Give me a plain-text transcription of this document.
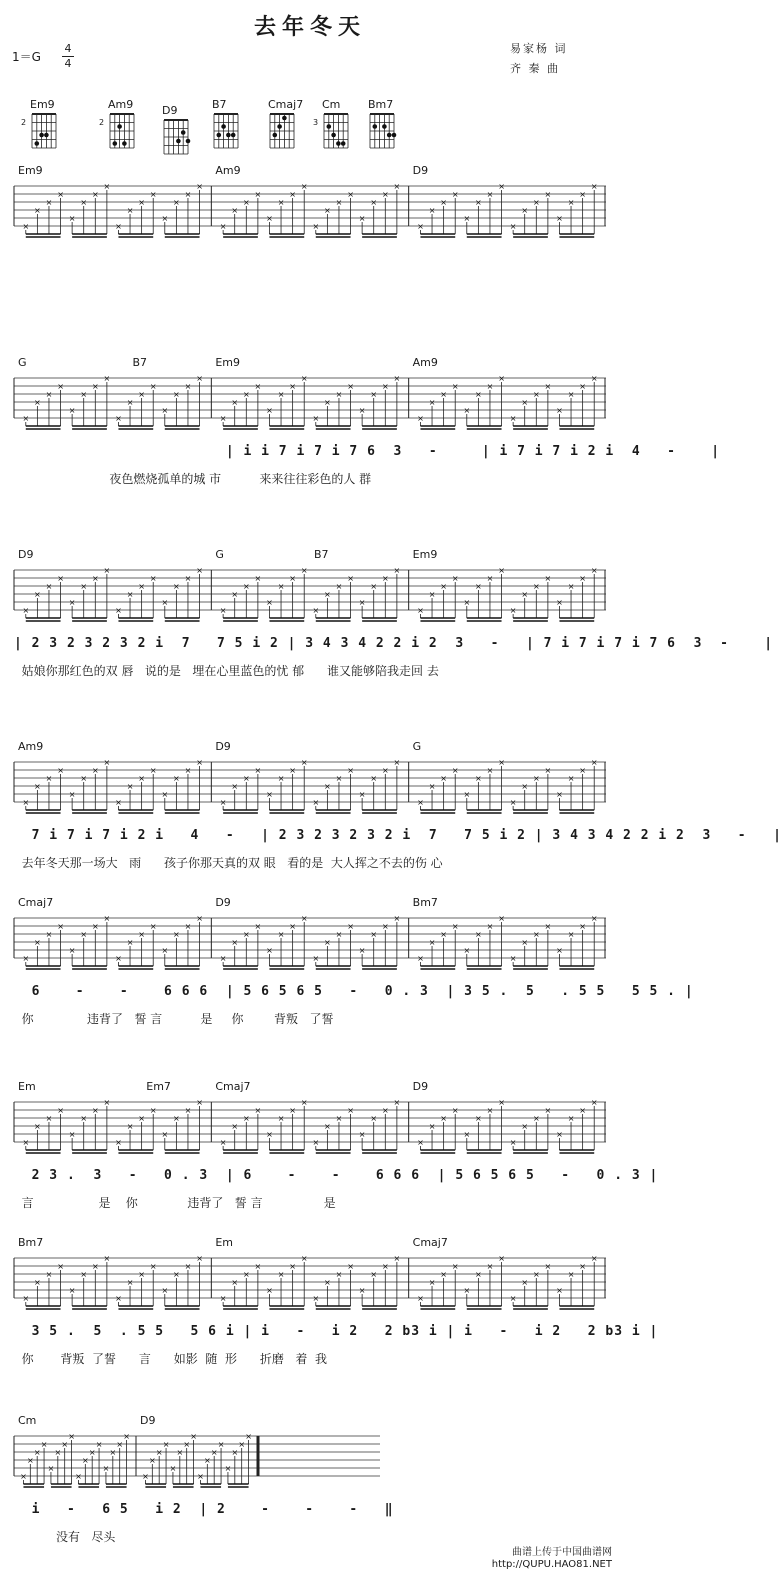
去年冬天
1＝G
4
4
易家杨 词
齐 秦 曲
Em9
2
Am9
2
D9	B7	Cmaj7 Cm
3
Bm7
Em9	Am9	D9
×
×
×
×
×
×
×
×
×
×
×
×
×
×
×
×
×
×
×
×
×
×
×
×
×
×
×
×
×
×
×
×
×
×
×
×
×
×
×
×
×
×
×
×
×
×
×
×
G	B7	Em9	Am9
×
×
×
×
×
×
×
×
×
×
×
×
×
×
×
×
×
×
×
×
×
×
×
×
×
×
×
×
×
×
×
×
×
×
×
×
×
×
×
×
×
×
×
×
×
×
×
×
| i i 7 i 7 i 7 6  3   -     | i 7 i 7 i 2 i  4   -    |
夜色燃烧孤单的城 市          来来往往彩色的人 群
D9	G	B7	Em9
×
×
×
×
×
×
×
×
×
×
×
×
×
×
×
×
×
×
×
×
×
×
×
×
×
×
×
×
×
×
×
×
×
×
×
×
×
×
×
×
×
×
×
×
×
×
×
×
| 2 3 2 3 2 3 2 i  7   7 5 i 2 | 3 4 3 4 2 2 i 2  3   -   | 7 i 7 i 7 i 7 6  3  -    |
姑娘你那红色的双 唇   说的是   埋在心里蓝色的忧 郁      谁又能够陪我走回 去
Am9	D9	G
×
×
×
×
×
×
×
×
×
×
×
×
×
×
×
×
×
×
×
×
×
×
×
×
×
×
×
×
×
×
×
×
×
×
×
×
×
×
×
×
×
×
×
×
×
×
×
×
7 i 7 i 7 i 2 i   4   -   | 2 3 2 3 2 3 2 i  7   7 5 i 2 | 3 4 3 4 2 2 i 2  3   -   |
去年冬天那一场大   雨      孩子你那天真的双 眼   看的是  大人挥之不去的伤 心
Cmaj7	D9	Bm7
×
×
×
×
×
×
×
×
×
×
×
×
×
×
×
×
×
×
×
×
×
×
×
×
×
×
×
×
×
×
×
×
×
×
×
×
×
×
×
×
×
×
×
×
×
×
×
×
6    -    -    6 6 6  | 5 6 5 6 5   -   0 . 3  | 3 5 .  5   . 5 5   5 5 . |
你              违背了   誓 言          是     你        背叛   了誓
Em	Em7	Cmaj7	D9
×
×
×
×
×
×
×
×
×
×
×
×
×
×
×
×
×
×
×
×
×
×
×
×
×
×
×
×
×
×
×
×
×
×
×
×
×
×
×
×
×
×
×
×
×
×
×
×
2 3 .  3   -   0 . 3  | 6    -    -    6 6 6  | 5 6 5 6 5   -   0 . 3 |
言                 是    你             违背了   誓 言                是
Bm7	Em	Cmaj7
×
×
×
×
×
×
×
×
×
×
×
×
×
×
×
×
×
×
×
×
×
×
×
×
×
×
×
×
×
×
×
×
×
×
×
×
×
×
×
×
×
×
×
×
×
×
×
×
3 5 .  5  . 5 5   5 6 i | i   -   i 2   2 b3 i | i   -   i 2   2 b3 i |
你       背叛  了誓      言      如影  随  形      折磨   着  我
Cm	D9
×
×
×
×
×
×
×
×
×
×
×
×
×
×
×
×
×
×
×
×
×
×
×
×
×
×
×
×
×
×
×
×
i   -   6 5   i 2  | 2    -    -    -   ‖
没有   尽头
曲谱上传于中国曲谱网
http://QUPU.HAO81.NET
